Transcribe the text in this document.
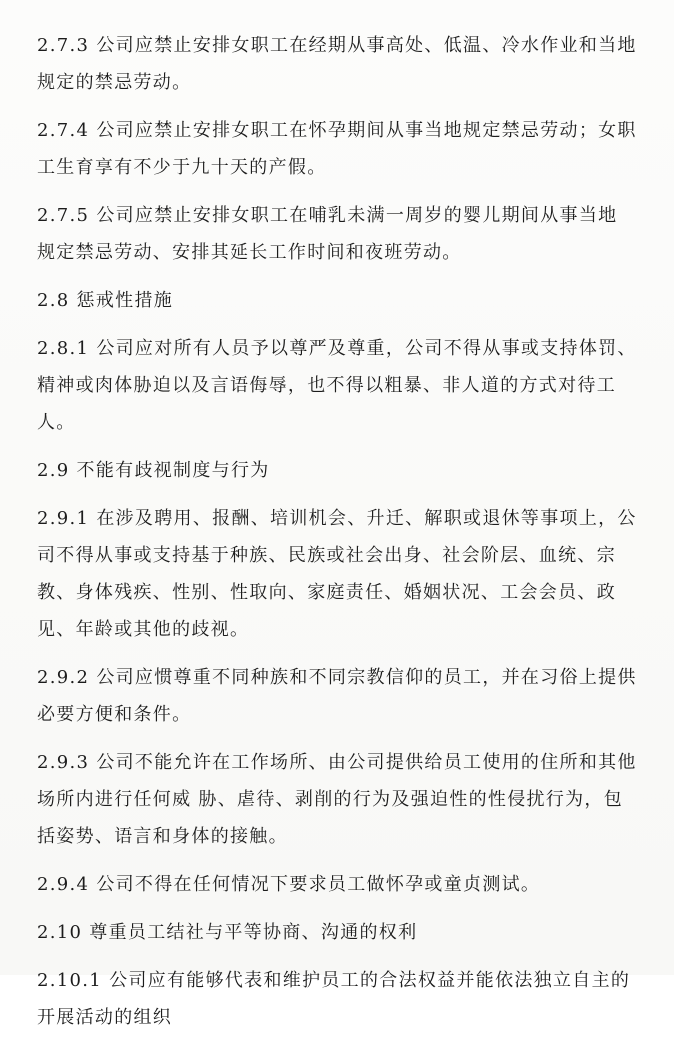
2.7.3 公司应禁止安排女职工在经期从事高处、低温、冷水作业和当地
规定的禁忌劳动。
2.7.4 公司应禁止安排女职工在怀孕期间从事当地规定禁忌劳动；女职
工生育享有不少于九十天的产假。
2.7.5 公司应禁止安排女职工在哺乳未满一周岁的婴儿期间从事当地
规定禁忌劳动、安排其延长工作时间和夜班劳动。
2.8 惩戒性措施
2.8.1 公司应对所有人员予以尊严及尊重，公司不得从事或支持体罚、
精神或肉体胁迫以及言语侮辱，也不得以粗暴、非人道的方式对待工
人。
2.9 不能有歧视制度与行为
2.9.1 在涉及聘用、报酬、培训机会、升迁、解职或退休等事项上，公
司不得从事或支持基于种族、民族或社会出身、社会阶层、血统、宗
教、身体残疾、性别、性取向、家庭责任、婚姻状况、工会会员、政
见、年龄或其他的歧视。
2.9.2 公司应惯尊重不同种族和不同宗教信仰的员工，并在习俗上提供
必要方便和条件。
2.9.3 公司不能允许在工作场所、由公司提供给员工使用的住所和其他
场所内进行任何威 胁、虐待、剥削的行为及强迫性的性侵扰行为，包
括姿势、语言和身体的接触。
2.9.4 公司不得在任何情况下要求员工做怀孕或童贞测试。
2.10 尊重员工结社与平等协商、沟通的权利
2.10.1 公司应有能够代表和维护员工的合法权益并能依法独立自主的
开展活动的组织
